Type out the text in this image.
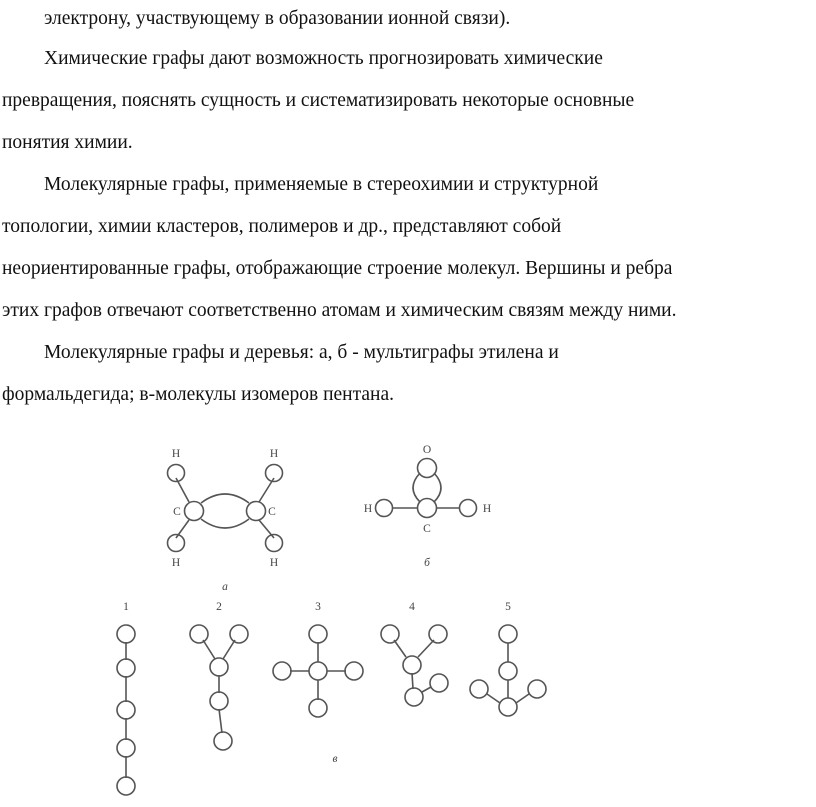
электрону, участвующему в образовании ионной связи).
Химические графы дают возможность прогнозировать химические
превращения, пояснять сущность и систематизировать некоторые основные
понятия химии.
Молекулярные графы, применяемые в стереохимии и структурной
топологии, химии кластеров, полимеров и др., представляют собой
неориентированные графы, отображающие строение молекул. Вершины и ребра
этих графов отвечают соответственно атомам и химическим связям между ними.
Молекулярные графы и деревья: а, б - мультиграфы этилена и
формальдегида; в-молекулы изомеров пентана.
H	H
H	H
C	C
a
O
H	H
C
б
1	2	3	4	5
в
